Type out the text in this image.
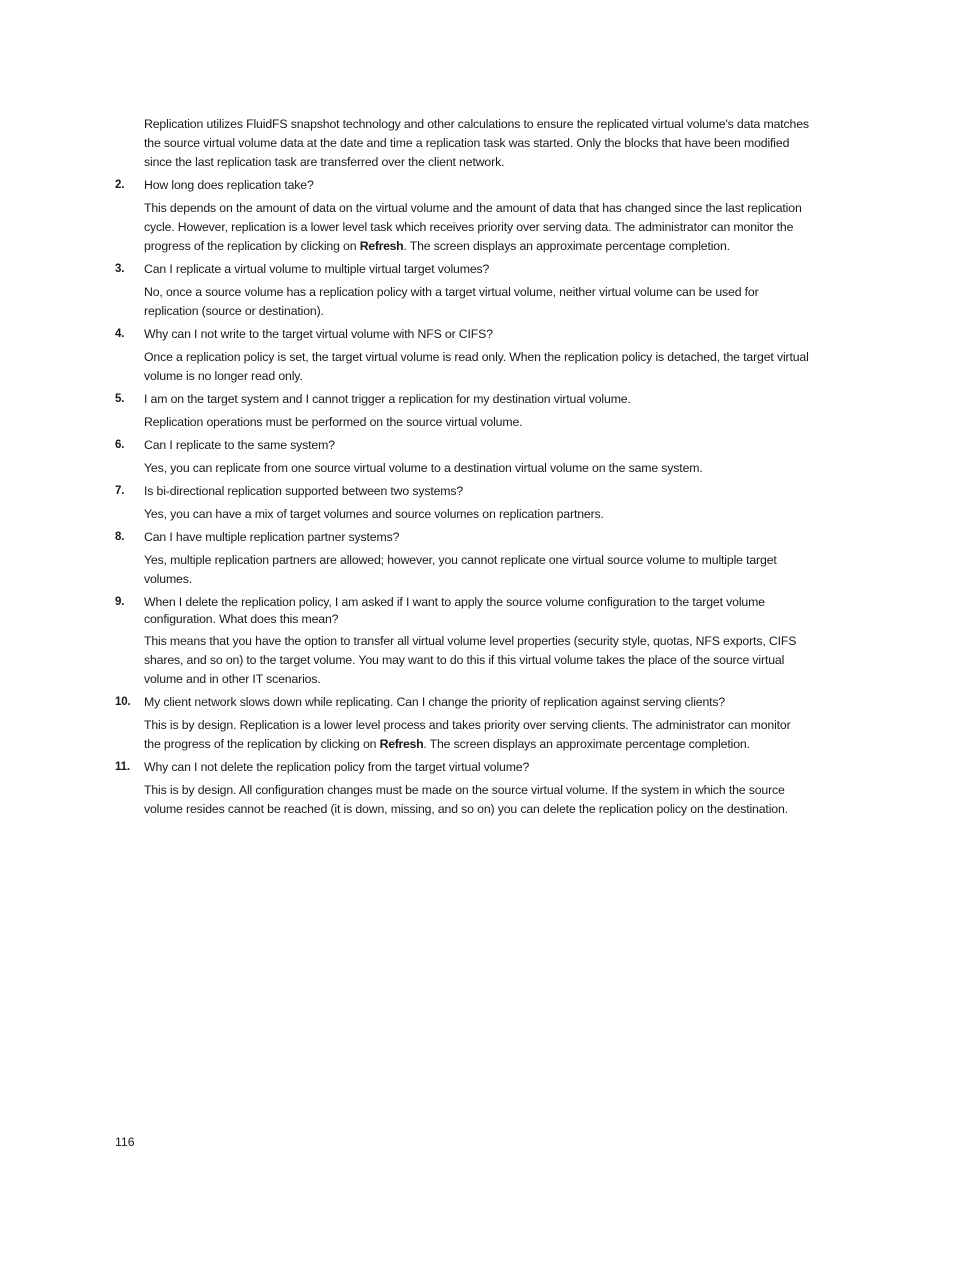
Replication utilizes FluidFS snapshot technology and other calculations to ensure the replicated virtual volume's data matches the source virtual volume data at the date and time a replication task was started. Only the blocks that have been modified since the last replication task are transferred over the client network.

2.	How long does replication take?

This depends on the amount of data on the virtual volume and the amount of data that has changed since the last replication cycle. However, replication is a lower level task which receives priority over serving data. The administrator can monitor the progress of the replication by clicking on Refresh. The screen displays an approximate percentage completion.

3.	Can I replicate a virtual volume to multiple virtual target volumes?

No, once a source volume has a replication policy with a target virtual volume, neither virtual volume can be used for replication (source or destination).

4.	Why can I not write to the target virtual volume with NFS or CIFS?

Once a replication policy is set, the target virtual volume is read only. When the replication policy is detached, the target virtual volume is no longer read only.

5.	I am on the target system and I cannot trigger a replication for my destination virtual volume.

Replication operations must be performed on the source virtual volume.

6.	Can I replicate to the same system?

Yes, you can replicate from one source virtual volume to a destination virtual volume on the same system.

7.	Is bi-directional replication supported between two systems?

Yes, you can have a mix of target volumes and source volumes on replication partners.

8.	Can I have multiple replication partner systems?

Yes, multiple replication partners are allowed; however, you cannot replicate one virtual source volume to multiple target volumes.

9.	When I delete the replication policy, I am asked if I want to apply the source volume configuration to the target volume configuration. What does this mean?

This means that you have the option to transfer all virtual volume level properties (security style, quotas, NFS exports, CIFS shares, and so on) to the target volume. You may want to do this if this virtual volume takes the place of the source virtual volume and in other IT scenarios.

10.	My client network slows down while replicating. Can I change the priority of replication against serving clients?

This is by design. Replication is a lower level process and takes priority over serving clients. The administrator can monitor the progress of the replication by clicking on Refresh. The screen displays an approximate percentage completion.

11.	Why can I not delete the replication policy from the target virtual volume?

This is by design. All configuration changes must be made on the source virtual volume. If the system in which the source volume resides cannot be reached (it is down, missing, and so on) you can delete the replication policy on the destination.

116
